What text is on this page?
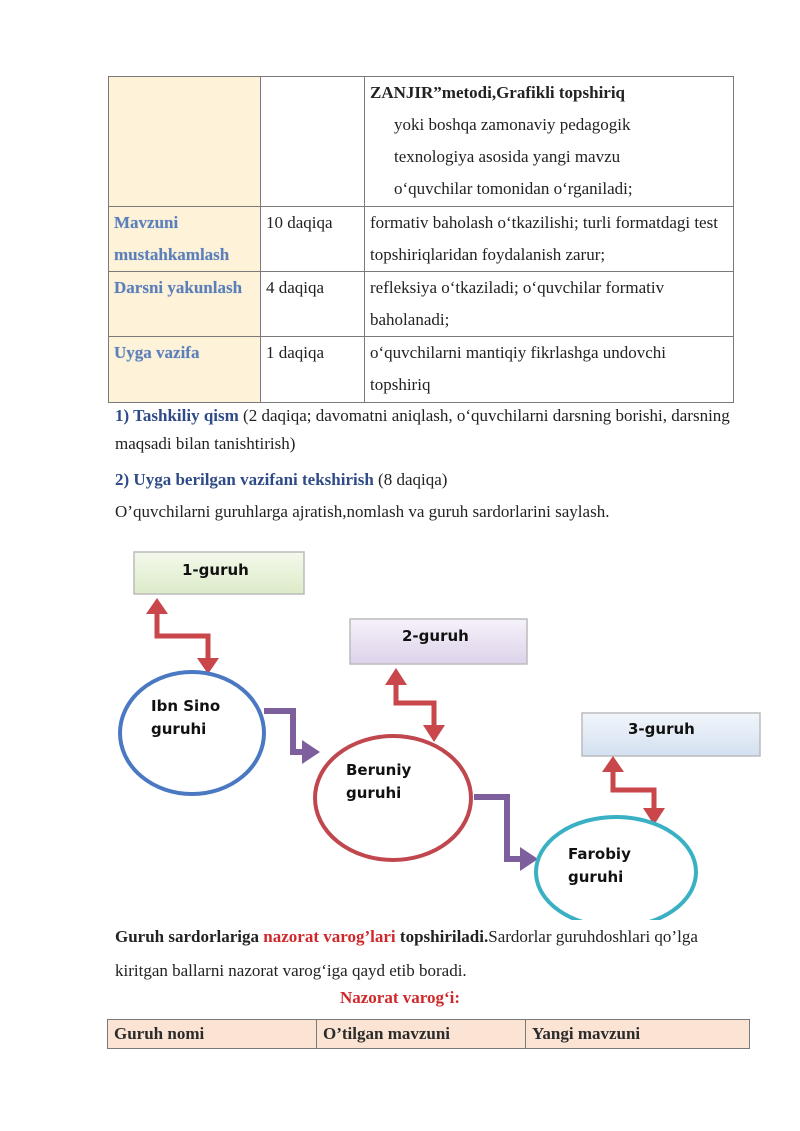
		ZANJIR”metodi,Grafikli topshiriq
yoki boshqa zamonaviy pedagogik
texnologiya asosida yangi mavzu
o‘quvchilar tomonidan o‘rganiladi;

Mavzuni mustahkamlash	10 daqiqa	formativ baholash o‘tkazilishi; turli formatdagi test topshiriqlaridan foydalanish zarur;
Darsni yakunlash	4 daqiqa	refleksiya o‘tkaziladi; o‘quvchilar formativ baholanadi;
Uyga vazifa	1 daqiqa	o‘quvchilarni mantiqiy fikrlashga undovchi topshiriq
1) Tashkiliy qism (2 daqiqa; davomatni aniqlash, o‘quvchilarni darsning borishi, darsning maqsadi bilan tanishtirish)
2) Uyga berilgan vazifani tekshirish (8 daqiqa)
O’quvchilarni guruhlarga ajratish,nomlash va guruh sardorlarini saylash.
1-guruh
2-guruh
3-guruh
Ibn Sino
guruhi
Beruniy
guruhi
Farobiy
guruhi
Guruh sardorlariga nazorat varog’lari topshiriladi.Sardorlar guruhdoshlari qo’lga kiritgan ballarni nazorat varog‘iga qayd etib boradi.
Nazorat varog‘i:
Guruh nomi	O’tilgan mavzuni	Yangi mavzuni
